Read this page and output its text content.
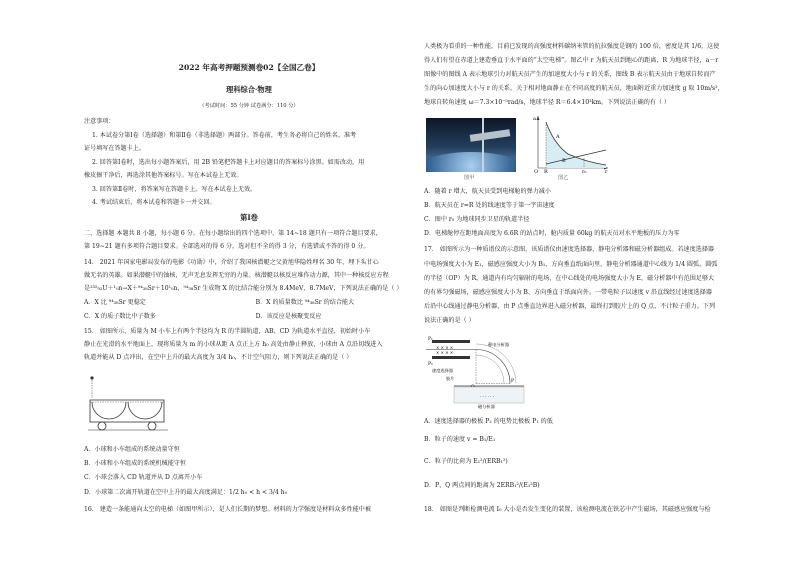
2022 年高考押题预测卷02【全国乙卷】
理科综合·物理
（考试时间：55 分钟 试卷满分：110 分）
注意事项：
1. 本试卷分第Ⅰ卷（选择题）和第Ⅱ卷（非选择题）两部分。答卷前，考生务必将自己的姓名、准考
证号填写在答题卡上。
2. 回答第Ⅰ卷时，选出每小题答案后，用 2B 铅笔把答题卡上对应题目的答案标号涂黑。如需改动，用
橡皮擦干净后，再选涂其他答案标号。写在本试卷上无效。
3. 回答第Ⅱ卷时，将答案写在答题卡上。写在本试卷上无效。
4. 考试结束后，将本试卷和答题卡一并交回。
第Ⅰ卷
二、选择题 本题共 8 小题，每小题 6 分。在每小题给出的四个选项中，第 14~18 题只有一项符合题目要求，
第 19~21 题有多项符合题目要求。全部选对的得 6 分，选对但不全的得 3 分，有选错或不答的得 0 分。
14． 2021 年国家电影局发布的电影《功勋》中，介绍了我国核潜艇之父黄旭华隐姓埋名 30 年，埋下头甘心
做无名的英雄。如果潜艇中的铀核，无声无息发挥无穷的力量。核潜艇以核反应堆作动力源，其中一种核反应方程
是²³⁵₉₂U＋¹₀n→X＋⁹⁴₃₈Sr＋10¹₀n，⁹⁴₃₈Sr 生成物 X 的比结合能分别为 8.4MeV、8.7MeV，下列说法正确的是（ ）
A．X 比 ⁹⁴₃₈Sr 更稳定	B．X 的质量数比 ⁹⁴₃₈Sr 的结合能大
C．X 的质子数比中子数多	D．该反应是核聚变反应
15． 如图所示，质量为 M 小车上有两个半径均为 R 的半圆轨道，AB、CD 为轨道水平直径，初始时小车
静止在光滑的水平地面上，现将质量为 m 的小球从距 A 点正上方 h₀ 高处由静止释放，小球由 A 点沿切线进入
轨道并能从 D 点冲出，在空中上升的最大高度为 3/4 h₀，不计空气阻力，则下列说法正确的是（ ）
A．小球和小车组成的系统动量守恒
B．小球和小车组成的系统机械能守恒
C．小球会落入 CD 轨道并从 D 点离开小车
D．小球第二次离开轨道在空中上升的最大高度满足：1/2 h₀ < h < 3/4 h₀
16． 建造一条能通向太空的电梯（如图甲所示），是人们长期的梦想。材料的力学强度是材料众多性能中被
人类极为看重的一种性能，目前已发现的高强度材料碳纳米管的抗拉强度是钢的 100 倍，密度是其 1/6，这使
得人们有望在赤道上建造垂直于水平面的“太空电梯”。图乙中 r 为航天员到地心的距离，R 为地球半径，a－r
图像中的图线 A 表示地球引力对航天员产生的加速度大小与 r 的关系，图线 B 表示航天员由于地球自转而产
生的向心加速度大小与 r 的关系，关于相对地面静止在不同高度的航天员，地面附近重力加速度 g 取 10m/s²，
地球自转角速度 ω＝7.3×10⁻⁵rad/s，地球半径 R＝6.4×10³km。下列说法正确的有（ ）
图甲
a
O R	r₀	r
A
B
图乙
A．随着 r 增大，航天员受到电梯舱的弹力减小
B．航天员在 r=R 处的线速度等于第一宇宙速度
C．图中 r₀ 为地球同步卫星的轨道半径
D．电梯舱停在距地面高度为 6.6R 的站点时，舱内质量 60kg 的航天员对水平地板的压力为零
17． 如图所示为一种质谱仪的示意图，该质谱仪由速度选择器、静电分析器和磁分析器组成。若速度选择器
中电场强度大小为 E₁，磁感应强度大小为 B₁、方向垂直纸面向里，静电分析器通道中心线为 1/4 圆弧，圆弧
的半径（OP）为 R，通道内有均匀辐射的电场，在中心线处的电场强度大小为 E，磁分析器中有范围足够大
的有界匀强磁场，磁感应强度大小为 B、方向垂直于纸面向外。一带电粒子以速度 v 沿直线经过速度选择器
后沿中心线通过静电分析器，由 P 点垂直边界进入磁分析器，最终打到胶片上的 Q 点，不计粒子重力。下列
说法正确的是（ ）
P₁
P₂
× × × ×
× × × ×
P
· · · · · ·
静电分析器
胶片
磁分析器
速度选择器
A．速度选择器的极板 P₂ 的电势比极板 P₁ 的低
B．粒子的速度 v = B₁/E₁
C．粒子的比荷为 E₁²/(ERB₁²)
D．P、Q 两点间的距离为 2ERB₁²/(E₁²B)
18． 如图是判断检测电流 I₀ 大小是否发生变化的装置，该检测电流在铁芯中产生磁场，其磁感应强度与检
